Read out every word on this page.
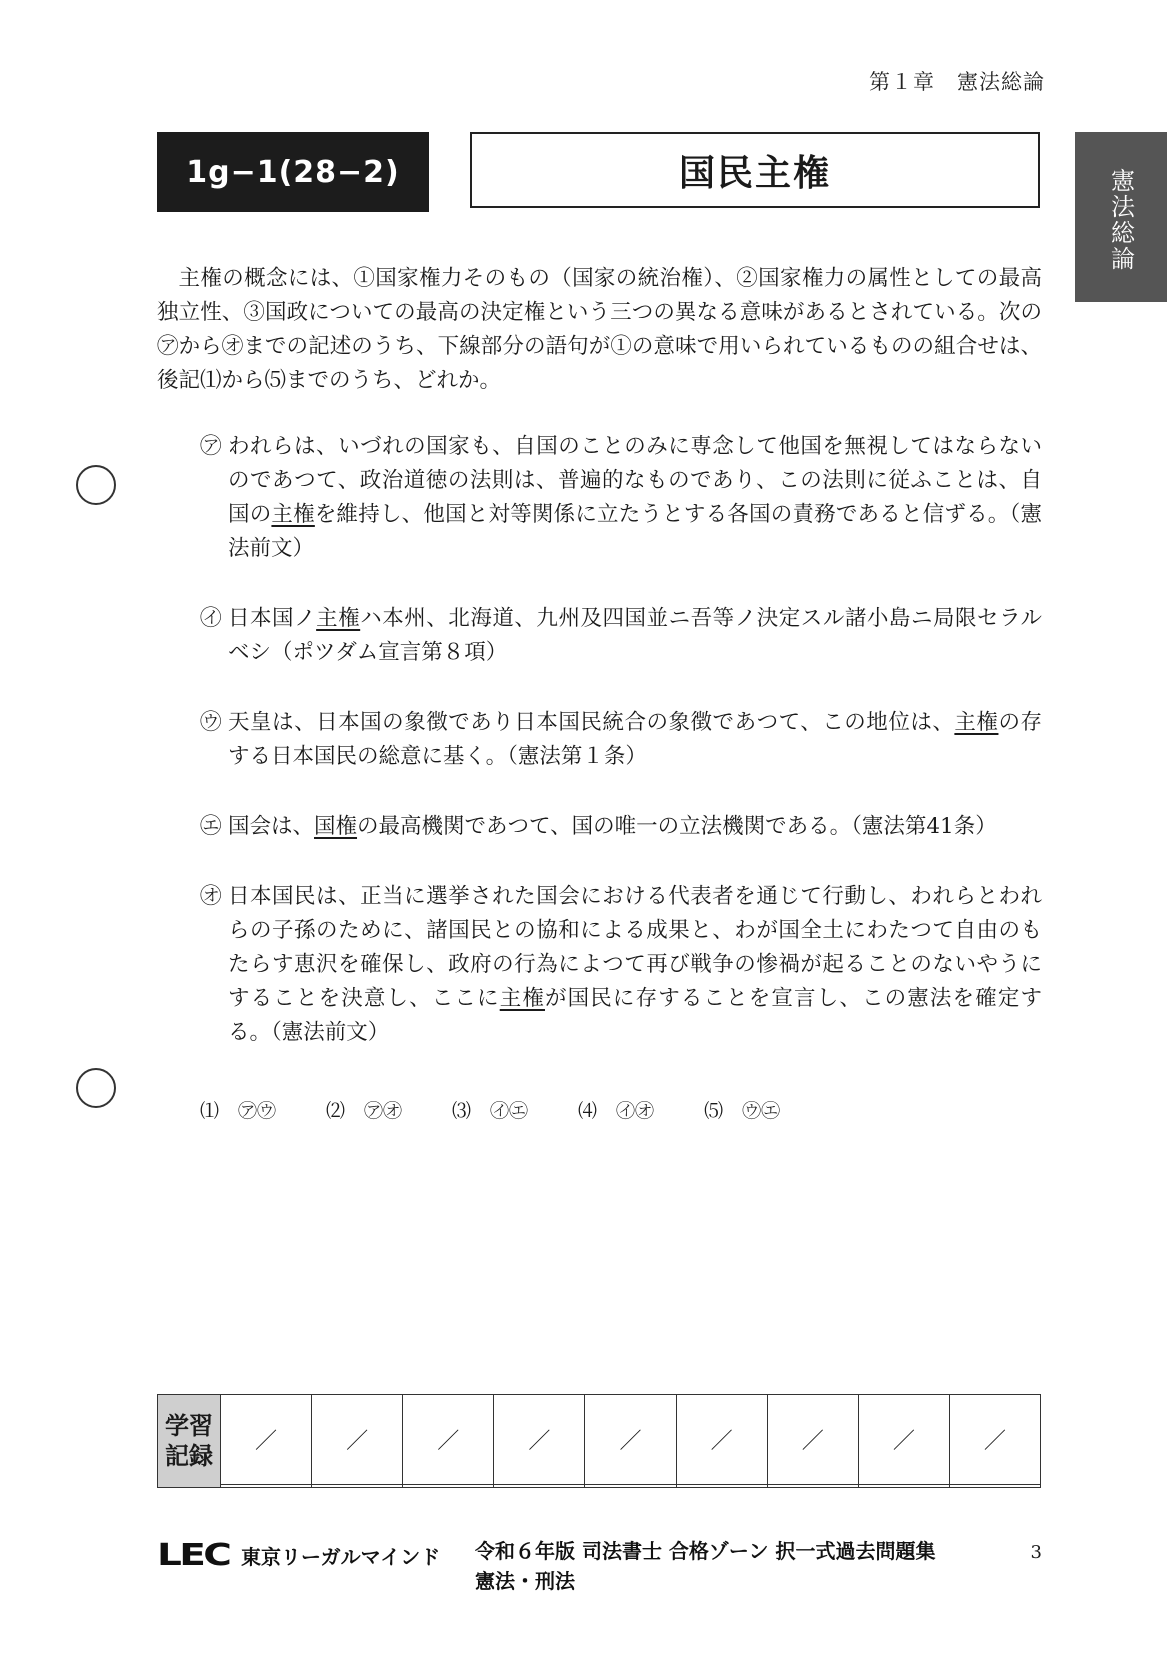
第１章　憲法総論
1g−1(28−2)	国民主権	憲法総論

主権の概念には、①国家権力そのもの（国家の統治権）、②国家権力の属性としての最高独立性、③国政についての最高の決定権という三つの異なる意味があるとされている。次の㋐から㋔までの記述のうち、下線部分の語句が①の意味で用いられているものの組合せは、後記⑴から⑸までのうち、どれか。

㋐ われらは、いづれの国家も、自国のことのみに専念して他国を無視してはならないのであつて、政治道徳の法則は、普遍的なものであり、この法則に従ふことは、自国の主権を維持し、他国と対等関係に立たうとする各国の責務であると信ずる。（憲法前文）
㋑ 日本国ノ主権ハ本州、北海道、九州及四国並ニ吾等ノ決定スル諸小島ニ局限セラルベシ（ポツダム宣言第８項）
㋒ 天皇は、日本国の象徴であり日本国民統合の象徴であつて、この地位は、主権の存する日本国民の総意に基く。（憲法第１条）
㋓ 国会は、国権の最高機関であつて、国の唯一の立法機関である。（憲法第41条）
㋔ 日本国民は、正当に選挙された国会における代表者を通じて行動し、われらとわれらの子孫のために、諸国民との協和による成果と、わが国全土にわたつて自由のもたらす恵沢を確保し、政府の行為によつて再び戦争の惨禍が起ることのないやうにすることを決意し、ここに主権が国民に存することを宣言し、この憲法を確定する。（憲法前文）
⑴　㋐㋒	⑵　㋐㋔	⑶　㋑㋓	⑷　㋑㋔	⑸　㋒㋓
学習
記録	／	／	／	／	／	／	／	／	／

LEC 東京リーガルマインド 令和６年版 司法書士 合格ゾーン 択一式過去問題集
憲法・刑法
3
